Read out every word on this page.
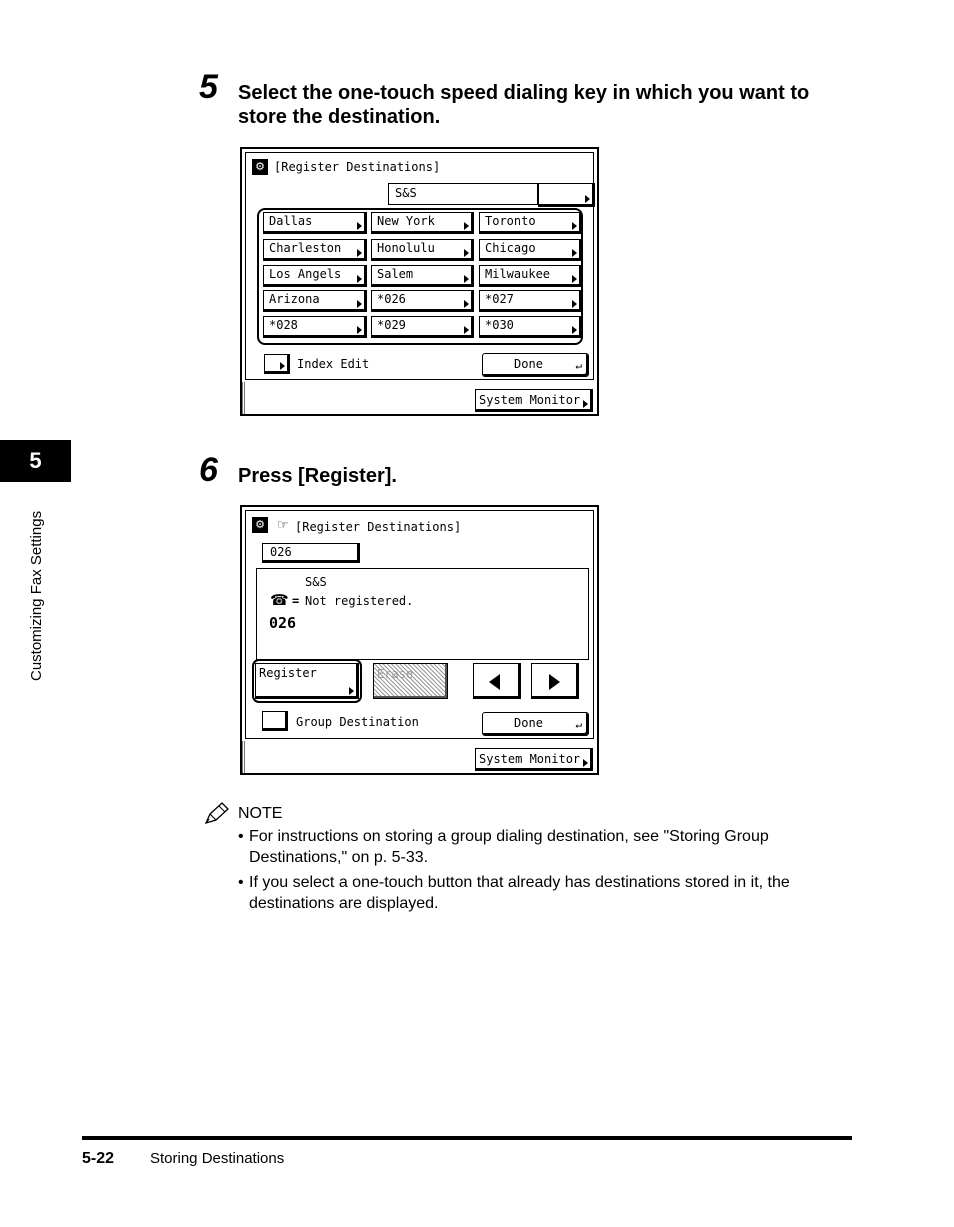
5
Customizing Fax Settings
5 Select the one-touch speed dialing key in which you want to store the destination.
⚙ [Register Destinations]
S&S
Dallas	New York	Toronto
Charleston	Honolulu	Chicago
Los Angels	Salem	Milwaukee
Arizona	*026	*027
*028	*029	*030
Index Edit	Done	↵
System Monitor
6 Press [Register].
⚙ ☞ [Register Destinations]
026
S&S
☎ = Not registered.
026
Register	Erase
Group Destination	Done	↵
System Monitor
NOTE
• For instructions on storing a group dialing destination, see "Storing Group Destinations," on p. 5-33.
• If you select a one-touch button that already has destinations stored in it, the destinations are displayed.
5-22 Storing Destinations
